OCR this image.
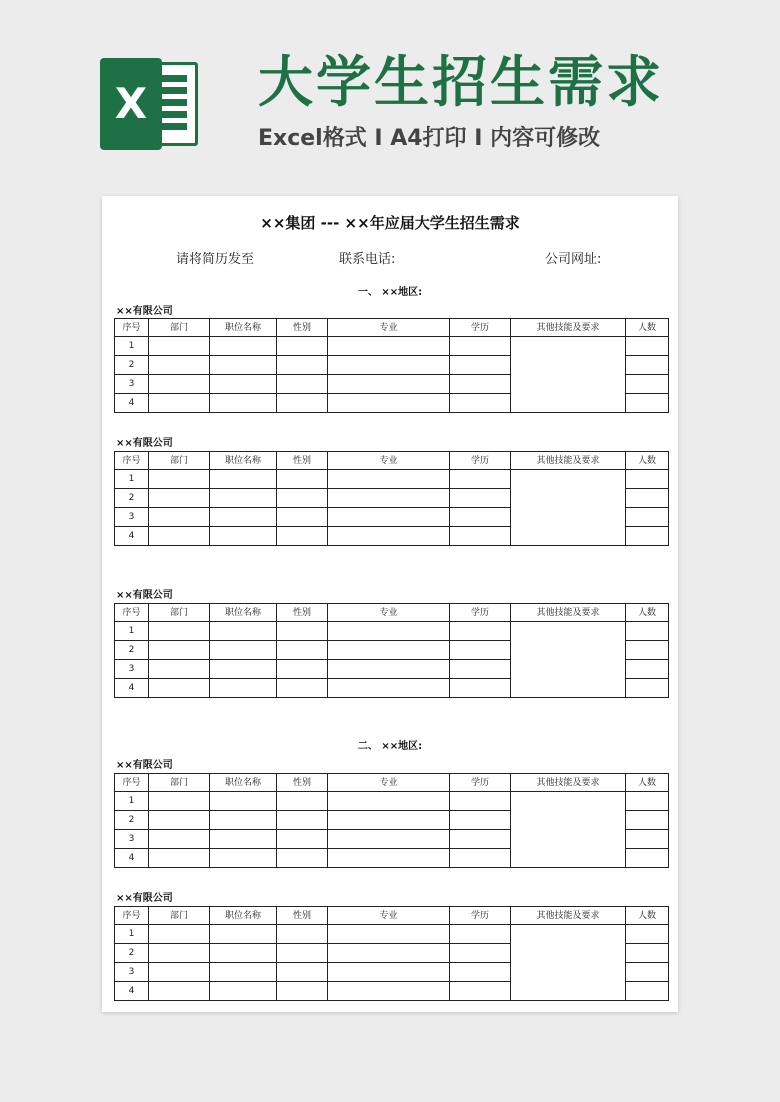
X 大学生招生需求
Excel格式 I A4打印 I 内容可修改
××集团 --- ××年应届大学生招生需求
请将简历发至	联系电话:	公司网址:
一、 ××地区:
二、 ××地区:
××有限公司
××有限公司
××有限公司
××有限公司
××有限公司
序号	部门	职位名称	性别	专业	学历	其他技能及要求	人数
1							
2							
3							
4							
序号	部门	职位名称	性别	专业	学历	其他技能及要求	人数
1							
2							
3							
4							
序号	部门	职位名称	性别	专业	学历	其他技能及要求	人数
1							
2							
3							
4							
序号	部门	职位名称	性别	专业	学历	其他技能及要求	人数
1							
2							
3							
4							
序号	部门	职位名称	性别	专业	学历	其他技能及要求	人数
1							
2							
3							
4							
